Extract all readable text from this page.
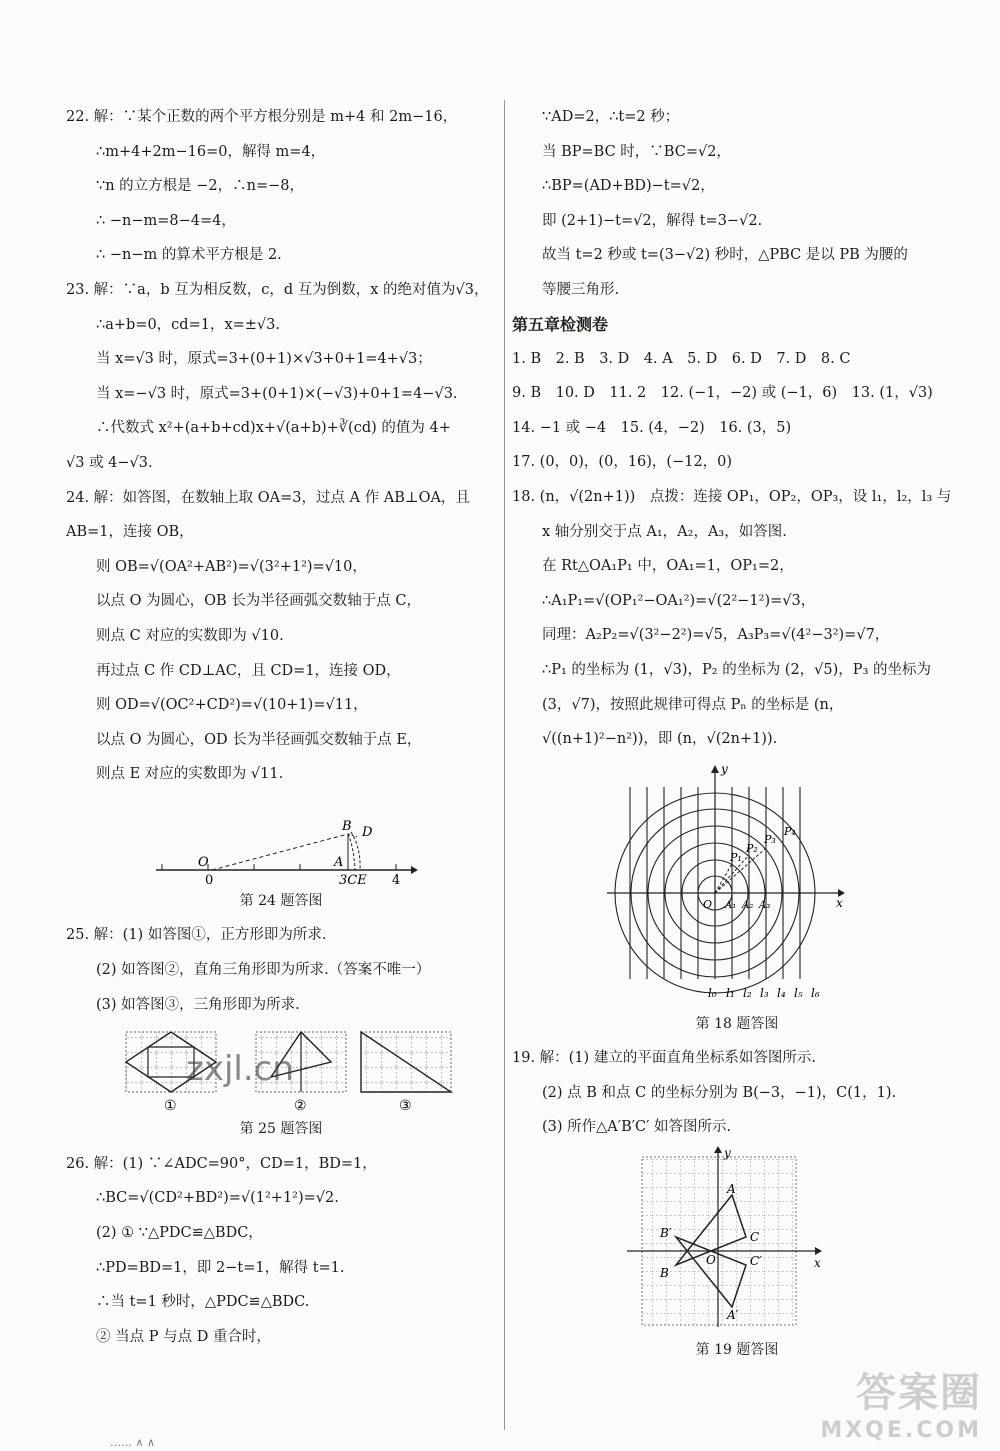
22. 解：∵某个正数的两个平方根分别是 m+4 和 2m−16，
∴m+4+2m−16=0，解得 m=4，
∵n 的立方根是 −2，∴n=−8，
∴ −n−m=8−4=4，
∴ −n−m 的算术平方根是 2.
23. 解：∵a，b 互为相反数，c，d 互为倒数，x 的绝对值为√3，
∴a+b=0，cd=1，x=±√3.
当 x=√3 时，原式=3+(0+1)×√3+0+1=4+√3；
当 x=−√3 时，原式=3+(0+1)×(−√3)+0+1=4−√3.
∴代数式 x²+(a+b+cd)x+√(a+b)+∛(cd) 的值为 4+
√3 或 4−√3.
24. 解：如答图，在数轴上取 OA=3，过点 A 作 AB⊥OA，且
AB=1，连接 OB，
则 OB=√(OA²+AB²)=√(3²+1²)=√10，
以点 O 为圆心，OB 长为半径画弧交数轴于点 C，
则点 C 对应的实数即为 √10.
再过点 C 作 CD⊥AC，且 CD=1，连接 OD，
则 OD=√(OC²+CD²)=√(10+1)=√11，
以点 O 为圆心，OD 长为半径画弧交数轴于点 E，
则点 E 对应的实数即为 √11.
B D
O	A
0	3CE 4
第 24 题答图
25. 解：(1) 如答图①，正方形即为所求.
(2) 如答图②，直角三角形即为所求.（答案不唯一）
(3) 如答图③，三角形即为所求.
zxjl.cn
①	②	③
第 25 题答图
26. 解：(1) ∵∠ADC=90°，CD=1，BD=1，
∴BC=√(CD²+BD²)=√(1²+1²)=√2.
(2) ① ∵△PDC≌△BDC，
∴PD=BD=1，即 2−t=1，解得 t=1.
∴当 t=1 秒时，△PDC≌△BDC.
② 当点 P 与点 D 重合时，
∵AD=2，∴t=2 秒；
当 BP=BC 时，∵BC=√2，
∴BP=(AD+BD)−t=√2，
即 (2+1)−t=√2，解得 t=3−√2.
故当 t=2 秒或 t=(3−√2) 秒时，△PBC 是以 PB 为腰的
等腰三角形.
第五章检测卷
1. B　2. B　3. D　4. A　5. D　6. D　7. D　8. C
9. B　10. D　11. 2　12. (−1，−2) 或 (−1，6)　13. (1，√3)
14. −1 或 −4　15. (4，−2)　16. (3，5)
17. (0，0)，(0，16)，(−12，0)
18. (n，√(2n+1))　点拨：连接 OP₁，OP₂，OP₃，设 l₁，l₂，l₃ 与
x 轴分别交于点 A₁，A₂，A₃，如答图.
在 Rt△OA₁P₁ 中，OA₁=1，OP₁=2，
∴A₁P₁=√(OP₁²−OA₁²)=√(2²−1²)=√3，
同理：A₂P₂=√(3²−2²)=√5，A₃P₃=√(4²−3²)=√7，
∴P₁ 的坐标为 (1，√3)，P₂ 的坐标为 (2，√5)，P₃ 的坐标为
(3，√7)，按照此规律可得点 Pₙ 的坐标是 (n，
√((n+1)²−n²))，即 (n，√(2n+1)).
P₁
P₂
P₃
P₄
O A₁ A₂ A₃	x
y
l₀ l₁ l₂ l₃ l₄ l₅ l₆
第 18 题答图
19. 解：(1) 建立的平面直角坐标系如答图所示.
(2) 点 B 和点 C 的坐标分别为 B(−3，−1)，C(1，1).
(3) 所作△A′B′C′ 如答图所示.
A
B
C
O
A′
B′
C′	x
y
第 19 题答图
答案圈
MXQE.COM
…… ∧ ∧
